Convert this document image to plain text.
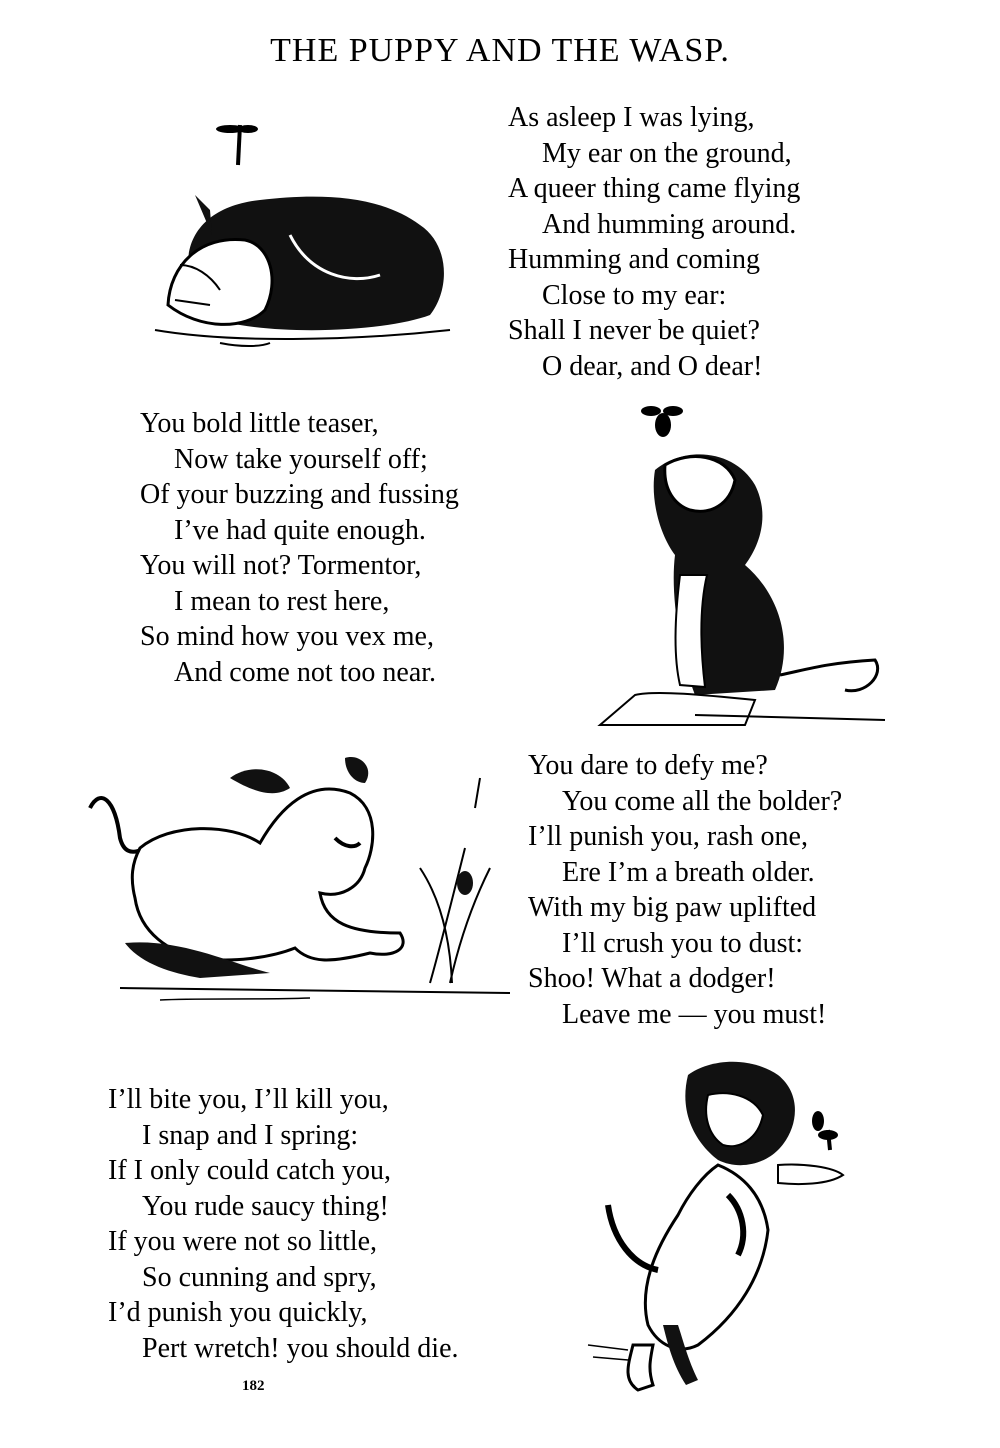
THE PUPPY AND THE WASP.
As asleep I was lying,
My ear on the ground,
A queer thing came flying
And humming around.
Humming and coming
Close to my ear:
Shall I never be quiet?
O dear, and O dear!
You bold little teaser,
Now take yourself off;
Of your buzzing and fussing
I’ve had quite enough.
You will not? Tormentor,
I mean to rest here,
So mind how you vex me,
And come not too near.
You dare to defy me?
You come all the bolder?
I’ll punish you, rash one,
Ere I’m a breath older.
With my big paw uplifted
I’ll crush you to dust:
Shoo! What a dodger!
Leave me — you must!
I’ll bite you, I’ll kill you,
I snap and I spring:
If I only could catch you,
You rude saucy thing!
If you were not so little,
So cunning and spry,
I’d punish you quickly,
Pert wretch! you should die.
182
